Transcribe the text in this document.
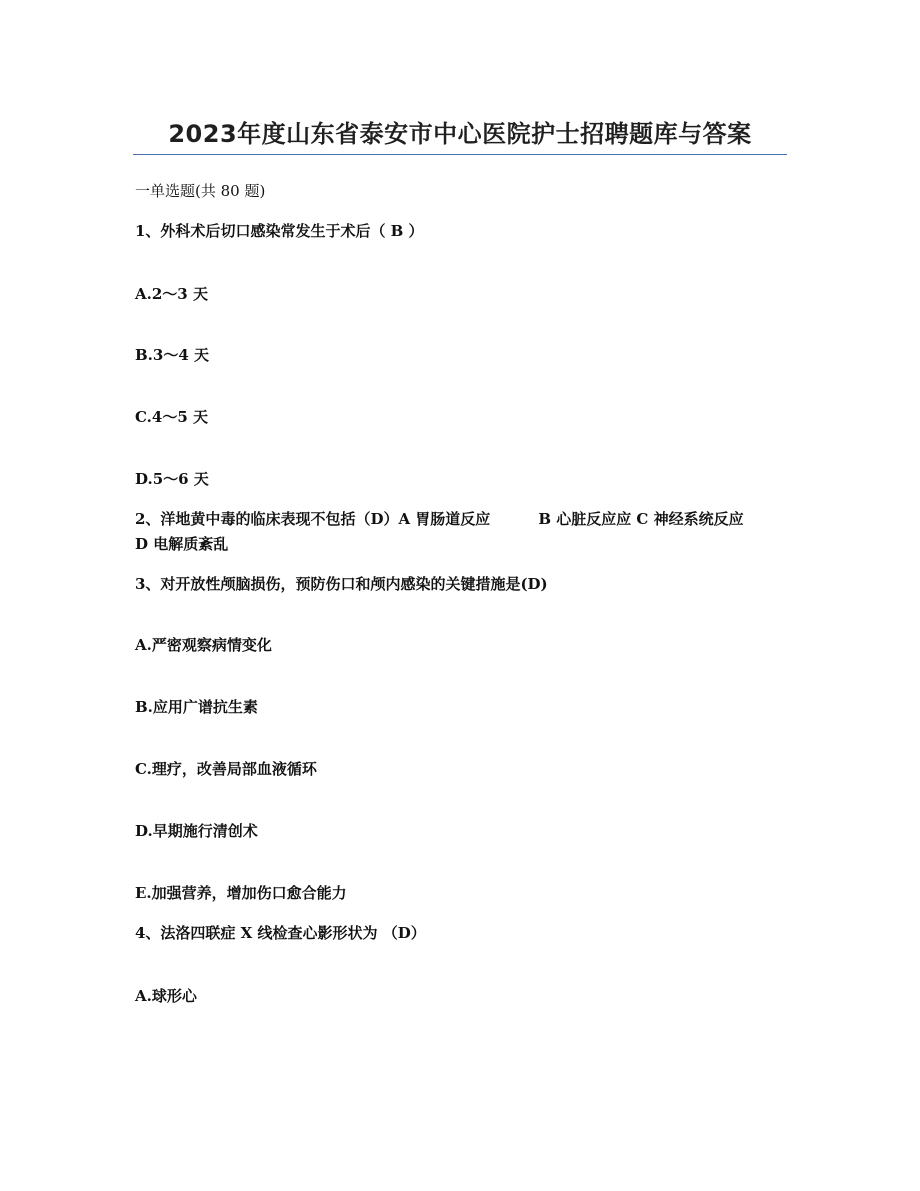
2023年度山东省泰安市中心医院护士招聘题库与答案

一单选题(共 80 题)

1、外科术后切口感染常发生于术后（ B ）

A.2～3 天

B.3～4 天

C.4～5 天

D.5～6 天

2、洋地黄中毒的临床表现不包括（D）A 胃肠道反应	B 心脏反应应 C 神经系统反应

D 电解质紊乱

3、对开放性颅脑损伤，预防伤口和颅内感染的关键措施是(D)

A.严密观察病情变化

B.应用广谱抗生素

C.理疗，改善局部血液循环

D.早期施行清创术

E.加强营养，增加伤口愈合能力

4、法洛四联症 X 线检查心影形状为 （D）

A.球形心
